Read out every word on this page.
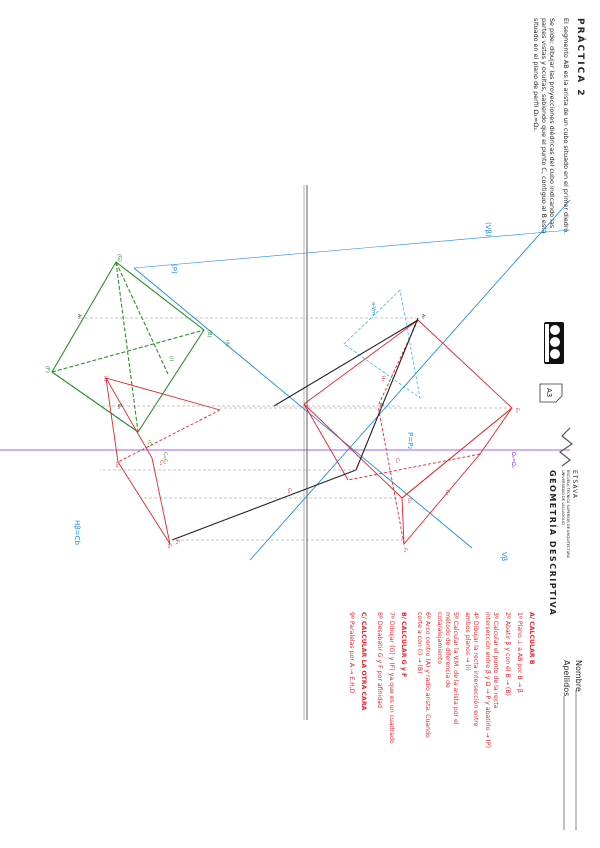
PRÁCTICA 2
El segmento AB es la arista de un cubo situado en el primer diedro.
Se pide: dibujar las proyecciones diédricas del cubo indicando las
partes vistas y ocultas, sabiendo que el punto C, contiguo al B está
situado en el plano de perfil Ω₁=Ω₂.
A3
ETSAVA
ESCUELA TÉCNICA SUPERIOR DE ARQUITECTURA
UNIVERSIDAD DE VALLADOLID
GEOMETRÍA DESCRIPTIVA
Nombre
Apellidos
A/ CALCULAR B
1º Plano ⊥ a AB por B → β
2º Abatir β y con él B → (B)
3º Calcular el punto de la recta
intersección entre β y Ω → P y abatirlo → (P)
4º Dibujar la recta intersección entre
ambos planos → (i)
5º Calcular la V.M. de la arista por el
método de diferencia de
cota/alejamiento
6º Arco centro (A) y radio arista. Cuando
corte a con (i) → (B)
B/ CALCULAR G y F
7º Dibujar (G) y (F) ya que es un cuadrado
8º Desabatir G y F por afinidad
C/ CALCULAR LA OTRA CARA
9º Paralelas por A → E,H,D
Ω₁=Ω₂
(Vβ)
Hβ=Cb
Vβ
(P)
P=P₂
a-Vm
(G)
(F)
(B)
(i)
A₂
A₁
B₂
B₁
C₂
C₁
D₂
D₁
E₂
E₁
F₂
F₁
G₂
G₁
H₂
H₁
(A)
(C)
C=C₁
